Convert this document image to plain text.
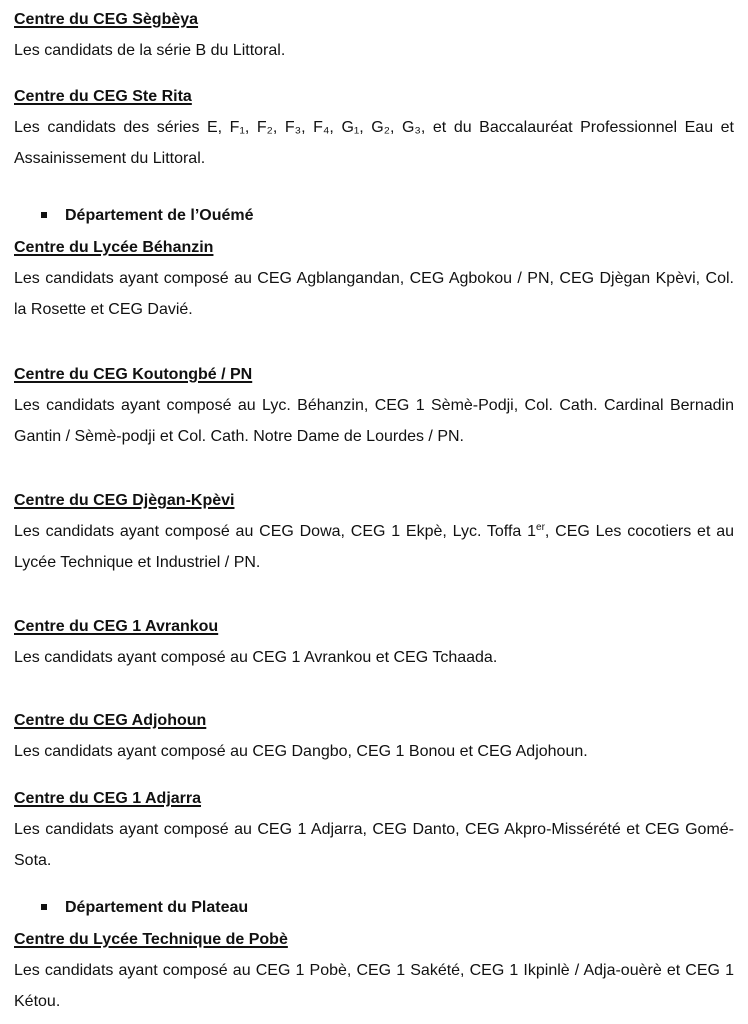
Centre du CEG Sègbèya
Les candidats de la série B du Littoral.
Centre du CEG Ste Rita
Les candidats des séries E, F₁, F₂, F₃, F₄, G₁, G₂, G₃, et du Baccalauréat Professionnel Eau et Assainissement du Littoral.
Département de l’Ouémé
Centre du Lycée Béhanzin
Les candidats ayant composé au CEG Agblangandan, CEG Agbokou / PN, CEG Djègan Kpèvi, Col. la Rosette et CEG Davié.
Centre du CEG Koutongbé / PN
Les candidats ayant composé au Lyc. Béhanzin, CEG 1 Sèmè-Podji, Col. Cath. Cardinal Bernadin Gantin / Sèmè-podji et Col. Cath. Notre Dame de Lourdes / PN.
Centre du CEG Djègan-Kpèvi
Les candidats ayant composé au CEG Dowa, CEG 1 Ekpè, Lyc. Toffa 1er, CEG Les cocotiers et au Lycée Technique et Industriel / PN.
Centre du CEG 1 Avrankou
Les candidats ayant composé au CEG 1 Avrankou et CEG Tchaada.
Centre du CEG Adjohoun
Les candidats ayant composé au CEG Dangbo, CEG 1 Bonou et CEG Adjohoun.
Centre du CEG 1 Adjarra
Les candidats ayant composé au CEG 1 Adjarra, CEG Danto, CEG Akpro-Missérété et CEG Gomé-Sota.
Département du Plateau
Centre du Lycée Technique de Pobè
Les candidats ayant composé au CEG 1 Pobè, CEG 1 Sakété, CEG 1 Ikpinlè / Adja-ouèrè et CEG 1 Kétou.
